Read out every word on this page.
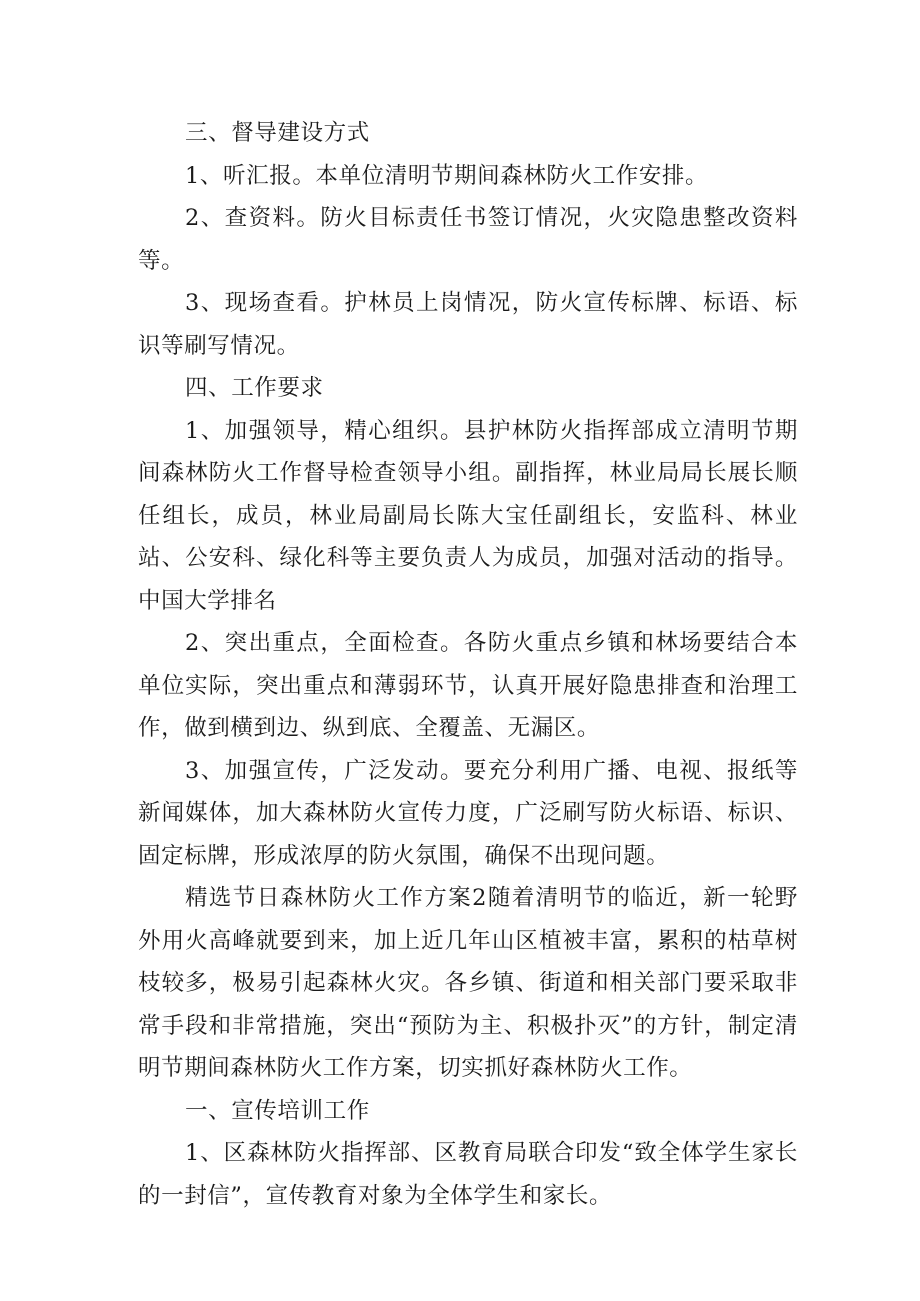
三、督导建设方式

1、听汇报。本单位清明节期间森林防火工作安排。

2、查资料。防火目标责任书签订情况，火灾隐患整改资料等。

3、现场查看。护林员上岗情况，防火宣传标牌、标语、标识等刷写情况。

四、工作要求

1、加强领导，精心组织。县护林防火指挥部成立清明节期间森林防火工作督导检查领导小组。副指挥，林业局局长展长顺任组长，成员，林业局副局长陈大宝任副组长，安监科、林业站、公安科、绿化科等主要负责人为成员，加强对活动的指导。中国大学排名

2、突出重点，全面检查。各防火重点乡镇和林场要结合本单位实际，突出重点和薄弱环节，认真开展好隐患排查和治理工作，做到横到边、纵到底、全覆盖、无漏区。

3、加强宣传，广泛发动。要充分利用广播、电视、报纸等新闻媒体，加大森林防火宣传力度，广泛刷写防火标语、标识、固定标牌，形成浓厚的防火氛围，确保不出现问题。

精选节日森林防火工作方案2随着清明节的临近，新一轮野外用火高峰就要到来，加上近几年山区植被丰富，累积的枯草树枝较多，极易引起森林火灾。各乡镇、街道和相关部门要采取非常手段和非常措施，突出“预防为主、积极扑灭”的方针，制定清明节期间森林防火工作方案，切实抓好森林防火工作。

一、宣传培训工作

1、区森林防火指挥部、区教育局联合印发“致全体学生家长的一封信”，宣传教育对象为全体学生和家长。
